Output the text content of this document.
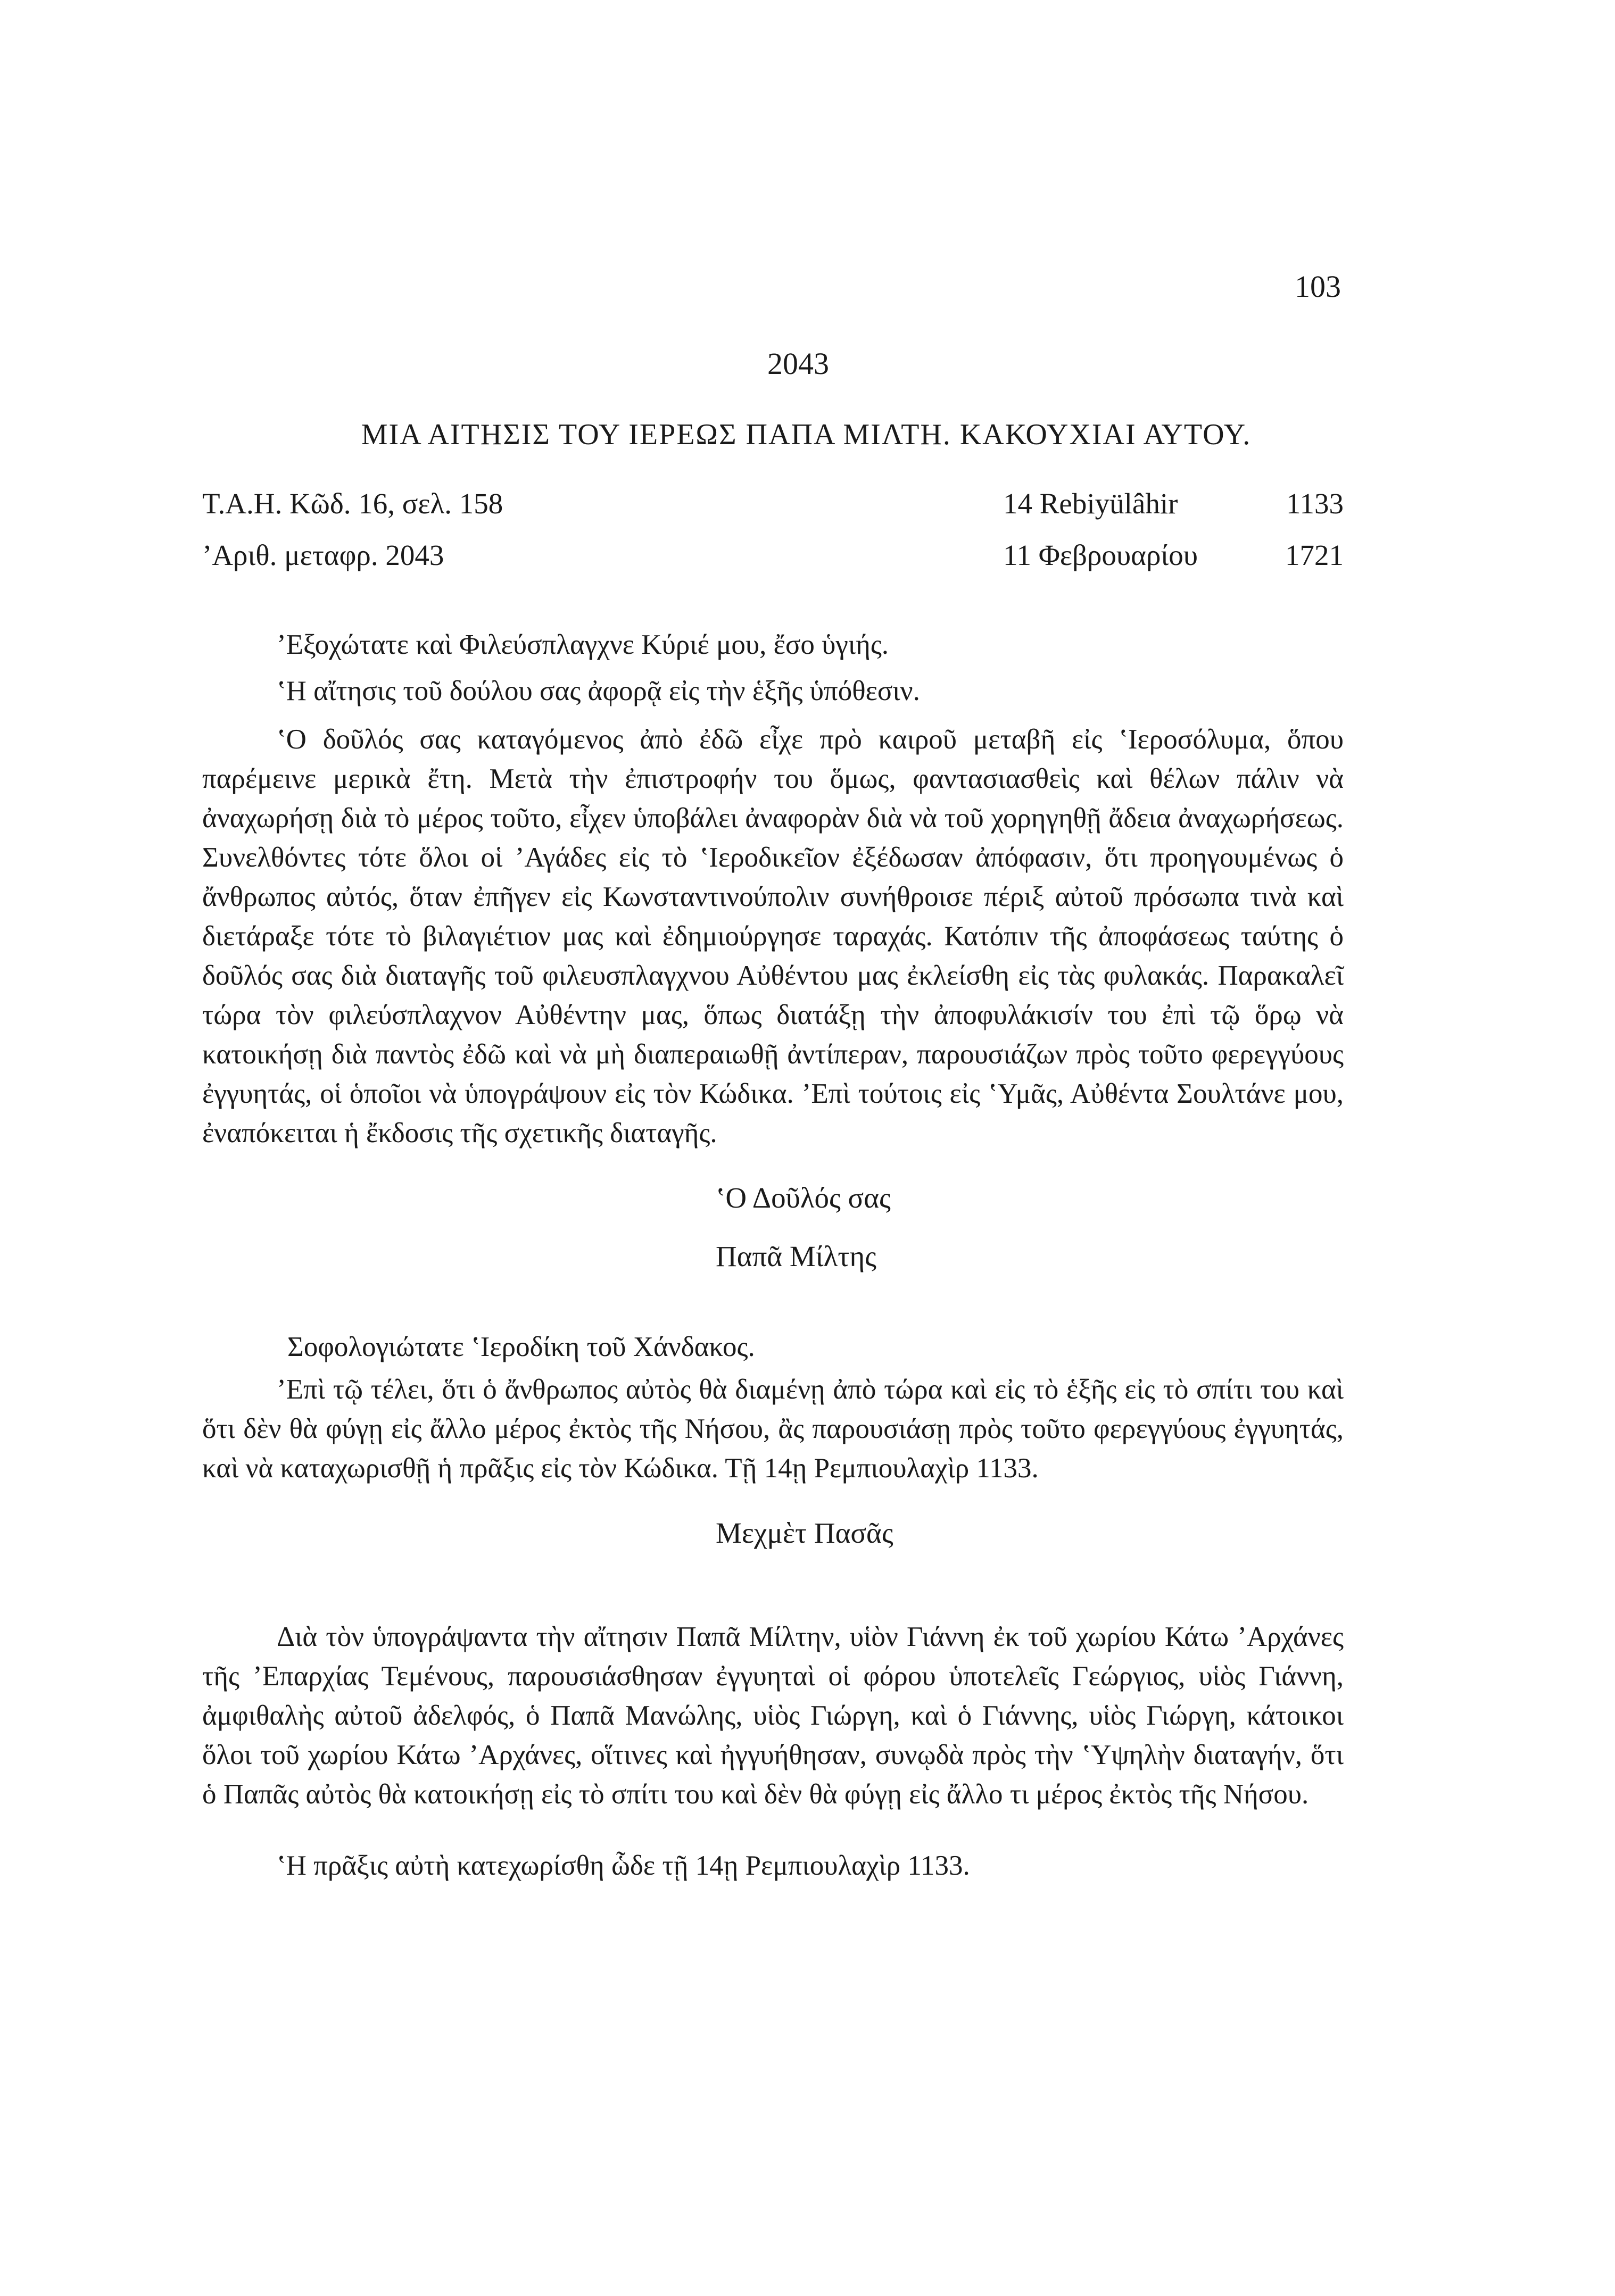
103
2043
ΜΙΑ ΑΙΤΗΣΙΣ ΤΟΥ ΙΕΡΕΩΣ ΠΑΠΑ ΜΙΛΤΗ. ΚΑΚΟΥΧΙΑΙ ΑΥΤΟΥ.
Τ.Α.Η. Κῶδ. 16, σελ. 158	14 Rebiyülâhir	1133
ʼΑριθ. μεταφρ. 2043	11 Φεβρουαρίου	1721
ʼΕξοχώτατε καὶ Φιλεύσπλαγχνε Κύριέ μου, ἔσο ὑγιής.
ʽΗ αἴτησις τοῦ δούλου σας ἀφορᾷ εἰς τὴν ἑξῆς ὑπόθεσιν.
ʽΟ δοῦλός σας καταγόμενος ἀπὸ ἐδῶ εἶχε πρὸ καιροῦ μεταβῆ εἰς ʽΙεροσόλυμα, ὅπου παρέμεινε μερικὰ ἔτη. Μετὰ τὴν ἐπιστροφήν του ὅμως, φαντασιασθεὶς καὶ θέλων πάλιν νὰ ἀναχωρήσῃ διὰ τὸ μέρος τοῦτο, εἶχεν ὑποβάλει ἀναφορὰν διὰ νὰ τοῦ χορηγηθῇ ἄδεια ἀναχωρήσεως. Συνελθόντες τότε ὅλοι οἱ ʼΑγάδες εἰς τὸ ʽΙεροδικεῖον ἐξέδωσαν ἀπόφασιν, ὅτι προηγουμένως ὁ ἄνθρωπος αὐτός, ὅταν ἐπῆγεν εἰς Κωνσταντινούπολιν συνήθροισε πέριξ αὐτοῦ πρόσωπα τινὰ καὶ διετάραξε τότε τὸ βιλαγιέτιον μας καὶ ἐδημιούργησε ταραχάς. Κατόπιν τῆς ἀποφάσεως ταύτης ὁ δοῦλός σας διὰ διαταγῆς τοῦ φιλευσπλαγχνου Αὐθέντου μας ἐκλείσθη εἰς τὰς φυλακάς. Παρακαλεῖ τώρα τὸν φιλεύσπλαχνον Αὐθέντην μας, ὅπως διατάξῃ τὴν ἀποφυλάκισίν του ἐπὶ τῷ ὅρῳ νὰ κατοικήσῃ διὰ παντὸς ἐδῶ καὶ νὰ μὴ διαπεραιωθῇ ἀντίπεραν, παρουσιάζων πρὸς τοῦτο φερεγγύους ἐγγυητάς, οἱ ὁποῖοι νὰ ὑπογράψουν εἰς τὸν Κώδικα. ʼΕπὶ τούτοις εἰς ʽΥμᾶς, Αὐθέντα Σουλτάνε μου, ἐναπόκειται ἡ ἔκδοσις τῆς σχετικῆς διαταγῆς.
ʽΟ Δοῦλός σας
Παπᾶ Μίλτης
Σοφολογιώτατε ʽΙεροδίκη τοῦ Χάνδακος.
ʼΕπὶ τῷ τέλει, ὅτι ὁ ἄνθρωπος αὐτὸς θὰ διαμένῃ ἀπὸ τώρα καὶ εἰς τὸ ἑξῆς εἰς τὸ σπίτι του καὶ ὅτι δὲν θὰ φύγῃ εἰς ἄλλο μέρος ἐκτὸς τῆς Νήσου, ἂς παρουσιάσῃ πρὸς τοῦτο φερεγγύους ἐγγυητάς, καὶ νὰ καταχωρισθῇ ἡ πρᾶξις εἰς τὸν Κώδικα. Τῇ 14ῃ Ρεμπιουλαχὶρ 1133.
Μεχμὲτ Πασᾶς
Διὰ τὸν ὑπογράψαντα τὴν αἴτησιν Παπᾶ Μίλτην, υἱὸν Γιάννη ἐκ τοῦ χωρίου Κάτω ʼΑρχάνες τῆς ʼΕπαρχίας Τεμένους, παρουσιάσθησαν ἐγγυηταὶ οἱ φόρου ὑποτελεῖς Γεώργιος, υἱὸς Γιάννη, ἀμφιθαλὴς αὐτοῦ ἀδελφός, ὁ Παπᾶ Μανώλης, υἱὸς Γιώργη, καὶ ὁ Γιάννης, υἱὸς Γιώργη, κάτοικοι ὅλοι τοῦ χωρίου Κάτω ʼΑρχάνες, οἵτινες καὶ ἠγγυήθησαν, συνῳδὰ πρὸς τὴν ʽΥψηλὴν διαταγήν, ὅτι ὁ Παπᾶς αὐτὸς θὰ κατοικήσῃ εἰς τὸ σπίτι του καὶ δὲν θὰ φύγῃ εἰς ἄλλο τι μέρος ἐκτὸς τῆς Νήσου.
ʽΗ πρᾶξις αὐτὴ κατεχωρίσθη ὧδε τῇ 14ῃ Ρεμπιουλαχὶρ 1133.
